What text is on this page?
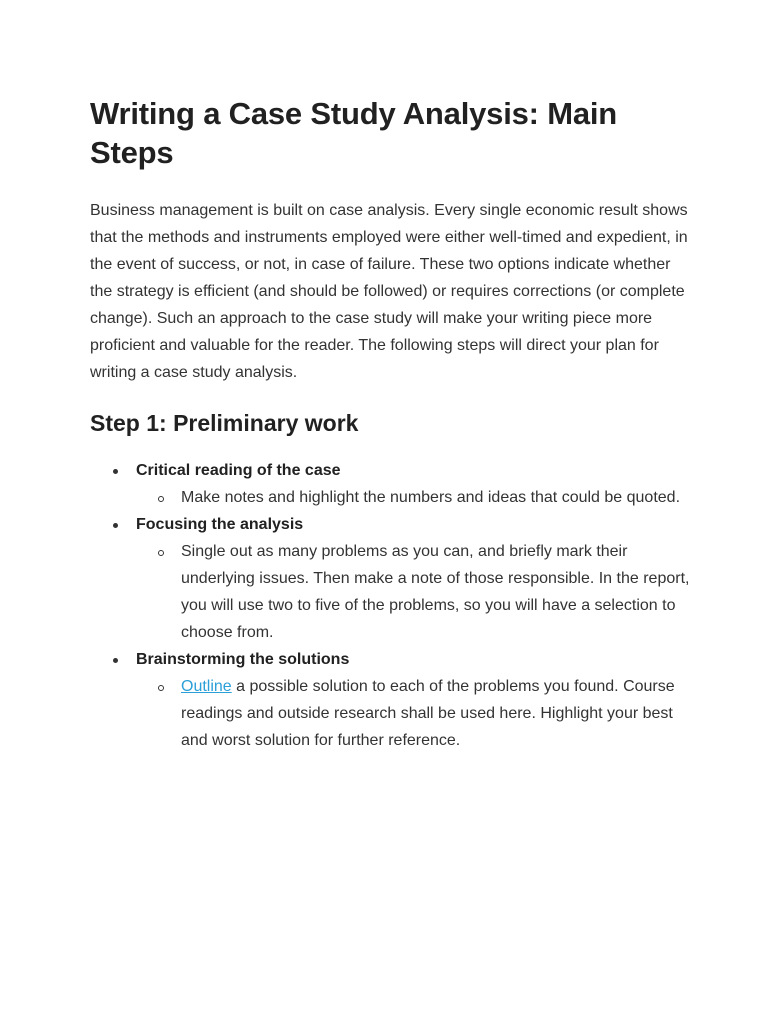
Writing a Case Study Analysis: Main Steps

Business management is built on case analysis. Every single economic result shows that the methods and instruments employed were either well-timed and expedient, in the event of success, or not, in case of failure. These two options indicate whether the strategy is efficient (and should be followed) or requires corrections (or complete change). Such an approach to the case study will make your writing piece more proficient and valuable for the reader. The following steps will direct your plan for writing a case study analysis.

Step 1: Preliminary work
Critical reading of the case
Make notes and highlight the numbers and ideas that could be quoted.
Focusing the analysis
Single out as many problems as you can, and briefly mark their underlying issues. Then make a note of those responsible. In the report, you will use two to five of the problems, so you will have a selection to choose from.
Brainstorming the solutions
Outline a possible solution to each of the problems you found. Course readings and outside research shall be used here. Highlight your best and worst solution for further reference.
